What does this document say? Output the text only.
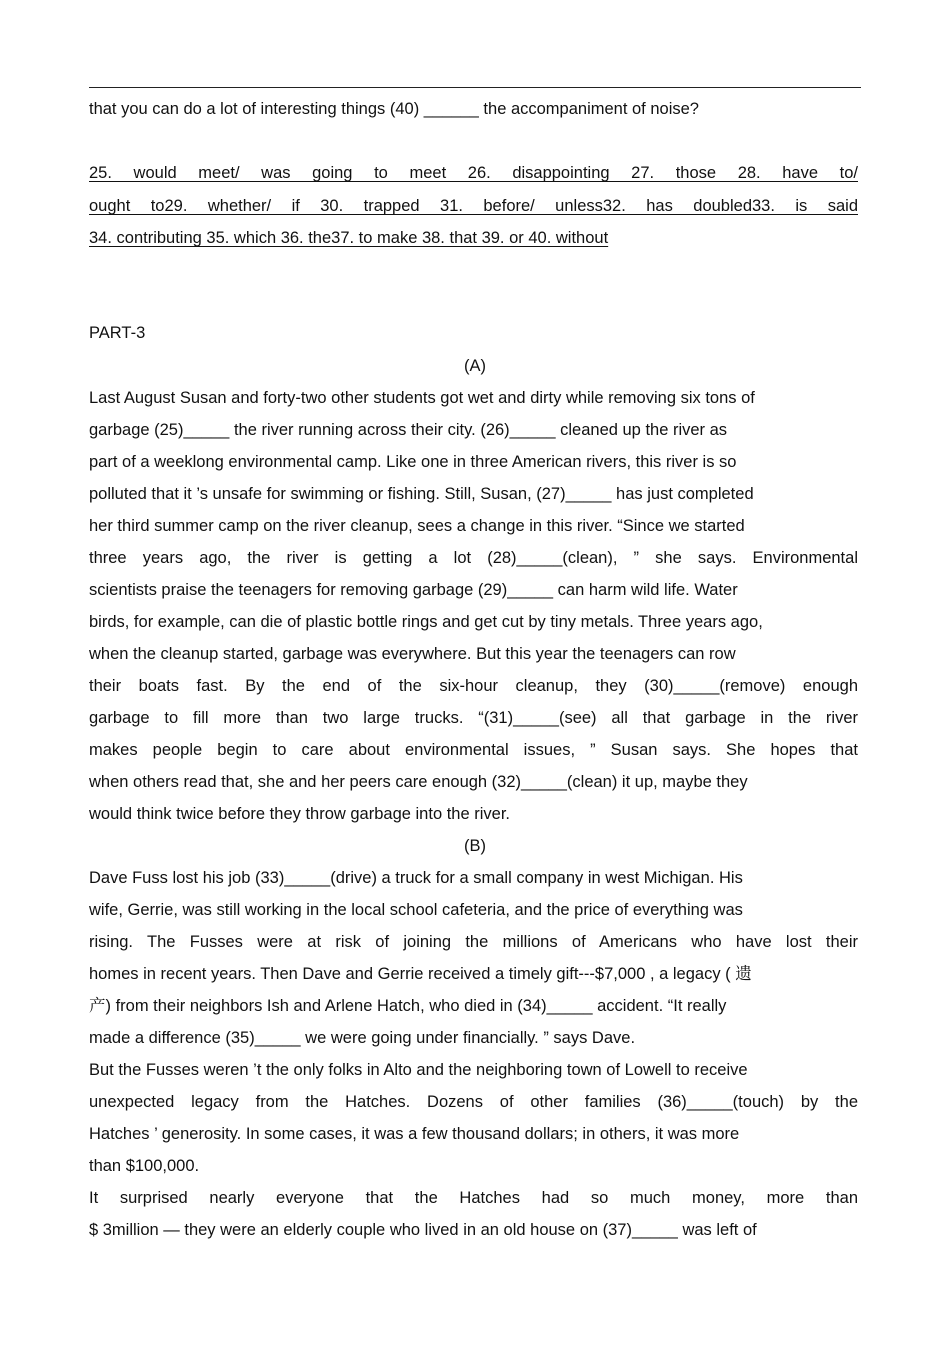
that you can do a lot of interesting things (40) ______ the accompaniment of noise?
25. would meet/ was going to meet 26. disappointing 27. those 28. have to/
ought to29. whether/ if 30. trapped 31. before/ unless32. has doubled33. is said
34. contributing 35. which 36. the37. to make 38. that 39. or 40. without
PART-3
(A)
Last August Susan and forty-two other students got wet and dirty while removing six tons of
garbage (25)_____ the river running across their city. (26)_____ cleaned up the river as
part of a weeklong environmental camp. Like one in three American rivers, this river is so
polluted that it ’s unsafe for swimming or fishing. Still, Susan, (27)_____ has just completed
her third summer camp on the river cleanup, sees a change in this river. “Since we started
three years ago, the river is getting a lot (28)_____(clean), ” she says. Environmental
scientists praise the teenagers for removing garbage (29)_____ can harm wild life. Water
birds, for example, can die of plastic bottle rings and get cut by tiny metals. Three years ago,
when the cleanup started, garbage was everywhere. But this year the teenagers can row
their boats fast. By the end of the six-hour cleanup, they (30)_____(remove) enough
garbage to fill more than two large trucks. “(31)_____(see) all that garbage in the river
makes people begin to care about environmental issues, ” Susan says. She hopes that
when others read that, she and her peers care enough (32)_____(clean) it up, maybe they
would think twice before they throw garbage into the river.
(B)
Dave Fuss lost his job (33)_____(drive) a truck for a small company in west Michigan. His
wife, Gerrie, was still working in the local school cafeteria, and the price of everything was
rising. The Fusses were at risk of joining the millions of Americans who have lost their
homes in recent years. Then Dave and Gerrie received a timely gift---$7,000 , a legacy ( 遗
产) from their neighbors Ish and Arlene Hatch, who died in (34)_____ accident. “It really
made a difference (35)_____ we were going under financially. ” says Dave.
But the Fusses weren ’t the only folks in Alto and the neighboring town of Lowell to receive
unexpected legacy from the Hatches. Dozens of other families (36)_____(touch) by the
Hatches ’ generosity. In some cases, it was a few thousand dollars; in others, it was more
than $100,000.
It surprised nearly everyone that the Hatches had so much money, more than
$ 3million — they were an elderly couple who lived in an old house on (37)_____ was left of
